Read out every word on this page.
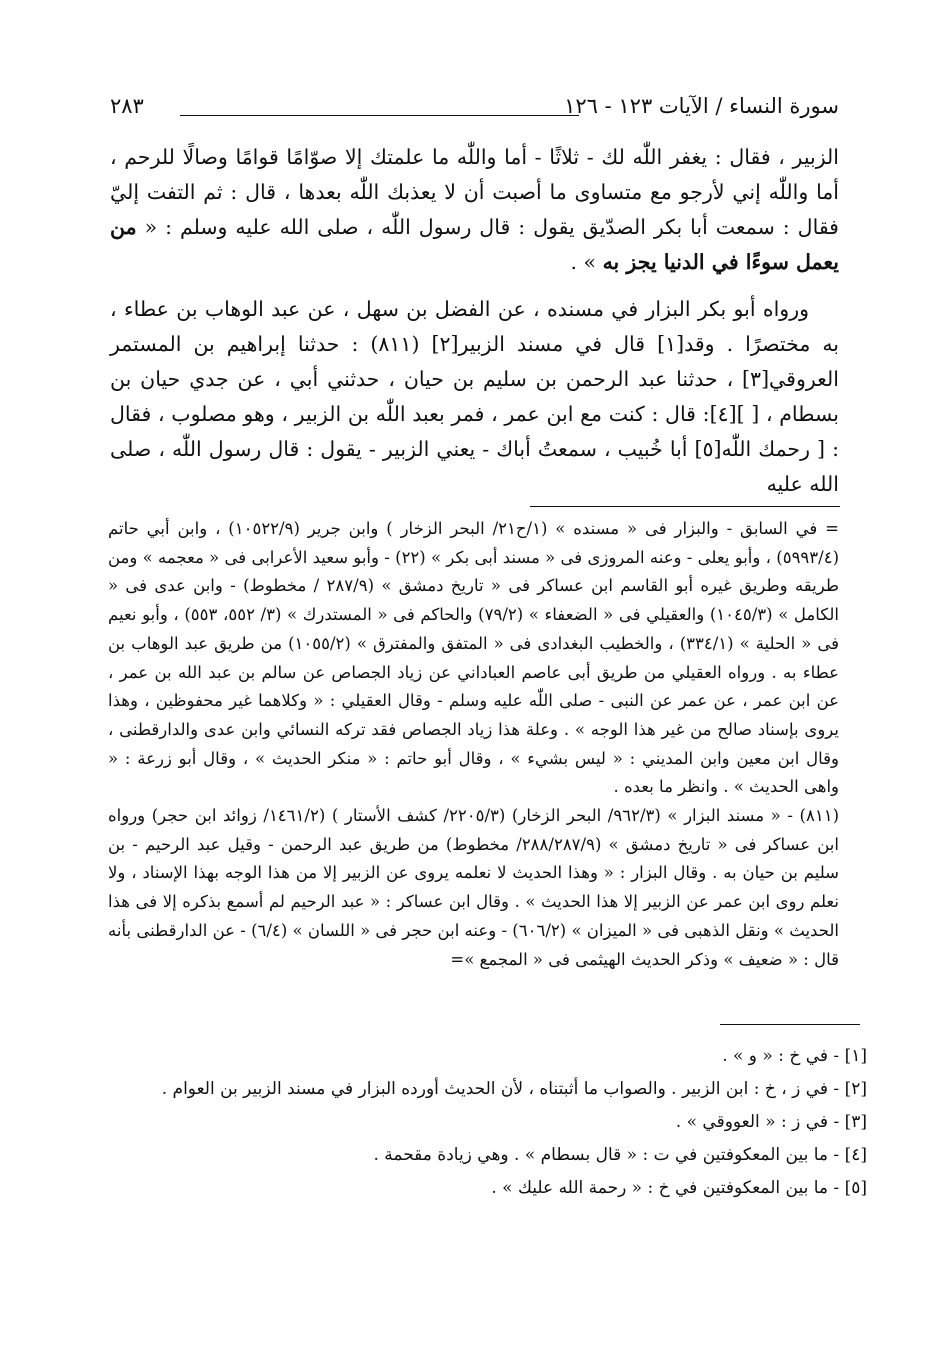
سورة النساء / الآيات ١٢٣ - ١٢٦
٢٨٣

الزبير ، فقال : يغفر اللّٰه لك - ثلاثًا - أما واللّٰه ما علمتك إلا صوّامًا قوامًا وصالًا للرحم ، أما واللّٰه إني لأرجو مع متساوى ما أصبت أن لا يعذبك اللّٰه بعدها ، قال : ثم التفت إليّ فقال : سمعت أبا بكر الصدّيق يقول : قال رسول اللّٰه ، صلى الله عليه وسلم : « من يعمل سوءًا في الدنيا يجز به » .

ورواه أبو بكر البزار في مسنده ، عن الفضل بن سهل ، عن عبد الوهاب بن عطاء ، به مختصرًا . وقد[١] قال في مسند الزبير[٢] (٨١١) : حدثنا إبراهيم بن المستمر العروقي[٣] ، حدثنا عبد الرحمن بن سليم بن حيان ، حدثني أبي ، عن جدي حيان بن بسطام ، [ ][٤]: قال : كنت مع ابن عمر ، فمر بعبد اللّٰه بن الزبير ، وهو مصلوب ، فقال : [ رحمك اللّٰه[٥] أبا خُبيب ، سمعتُ أباك - يعني الزبير - يقول : قال رسول اللّٰه ، صلى الله عليه

= في السابق - والبزار فى « مسنده » (١/ح٢١/ البحر الزخار ) وابن جرير (١٠٥٢٢/٩) ، وابن أبي حاتم (٥٩٩٣/٤) ، وأبو يعلى - وعنه المروزى فى « مسند أبى بكر » (٢٢) - وأبو سعيد الأعرابى فى « معجمه » ومن طريقه وطريق غيره أبو القاسم ابن عساكر فى « تاريخ دمشق » (٢٨٧/٩ / مخطوط) - وابن عدى فى « الكامل » (١٠٤٥/٣) والعقيلي فى « الضعفاء » (٧٩/٢) والحاكم فى « المستدرك » (٣/ ٥٥٢، ٥٥٣) ، وأبو نعيم فى « الحلية » (٣٣٤/١) ، والخطيب البغدادى فى « المتفق والمفترق » (١٠٥٥/٢) من طريق عبد الوهاب بن عطاء به . ورواه العقيلي من طريق أبى عاصم العباداني عن زياد الجصاص عن سالم بن عبد الله بن عمر ، عن ابن عمر ، عن عمر عن النبى - صلى اللّٰه عليه وسلم - وقال العقيلي : « وكلاهما غير محفوظين ، وهذا يروى بإسناد صالح من غير هذا الوجه » . وعلة هذا زياد الجصاص فقد تركه النسائي وابن عدى والدارقطنى ، وقال ابن معين وابن المديني : « ليس بشيء » ، وقال أبو حاتم : « منكر الحديث » ، وقال أبو زرعة : « واهى الحديث » . وانظر ما بعده .

(٨١١) - « مسند البزار » (٩٦٢/٣/ البحر الزخار) (٢٢٠٥/٣/ كشف الأستار ) (١٤٦١/٢/ زوائد ابن حجر) ورواه ابن عساكر فى « تاريخ دمشق » (٢٨٨/٢٨٧/٩/ مخطوط) من طريق عبد الرحمن - وقيل عبد الرحيم - بن سليم بن حيان به . وقال البزار : « وهذا الحديث لا نعلمه يروى عن الزبير إلا من هذا الوجه بهذا الإسناد ، ولا نعلم روى ابن عمر عن الزبير إلا هذا الحديث » . وقال ابن عساكر : « عبد الرحيم لم أسمع بذكره إلا فى هذا الحديث » ونقل الذهبى فى « الميزان » (٦٠٦/٢) - وعنه ابن حجر فى « اللسان » (٦/٤) - عن الدارقطنى بأنه قال : « ضعيف » وذكر الحديث الهيثمى فى « المجمع »=

[١] - في خ : « و » .
[٢] - في ز ، خ : ابن الزبير . والصواب ما أثبتناه ، لأن الحديث أورده البزار في مسند الزبير بن العوام .
[٣] - في ز : « العووقي » .
[٤] - ما بين المعكوفتين في ت : « قال بسطام » . وهي زيادة مقحمة .
[٥] - ما بين المعكوفتين في خ : « رحمة الله عليك » .
